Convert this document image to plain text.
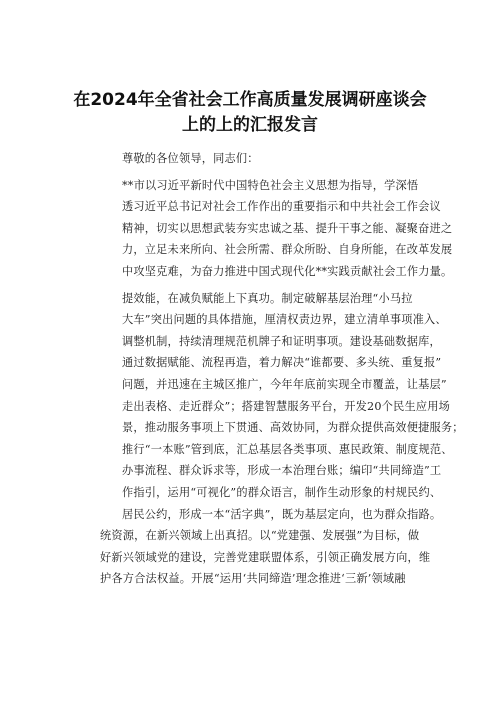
在2024年全省社会工作高质量发展调研座谈会
上的上的汇报发言

尊敬的各位领导，同志们：

**市以习近平新时代中国特色社会主义思想为指导，学深悟
透习近平总书记对社会工作作出的重要指示和中共社会工作会议
精神，切实以思想武装夯实忠诚之基、提升干事之能、凝聚奋进之
力，立足未来所向、社会所需、群众所盼、自身所能，在改革发展
中攻坚克难，为奋力推进中国式现代化**实践贡献社会工作力量。

提效能，在减负赋能上下真功。制定破解基层治理“小马拉
大车”突出问题的具体措施，厘清权责边界，建立清单事项准入、
调整机制，持续清理规范机牌子和证明事项。建设基础数据库，
通过数据赋能、流程再造，着力解决“谁都要、多头统、重复报”
问题，并迅速在主城区推广，今年年底前实现全市覆盖，让基层”
走出表格、走近群众”；搭建智慧服务平台，开发20个民生应用场
景，推动服务事项上下贯通、高效协同，为群众提供高效便捷服务；
推行“一本账”管到底，汇总基层各类事项、惠民政策、制度规范、
办事流程、群众诉求等，形成一本治理台账；编印“共同缔造”工
作指引，运用“可视化”的群众语言，制作生动形象的村规民约、
居民公约，形成一本“活字典”，既为基层定向，也为群众指路。

统资源，在新兴领域上出真招。以“党建强、发展强”为目标，做
好新兴领域党的建设，完善党建联盟体系，引领正确发展方向，维
护各方合法权益。开展“运用‘共同缔造’理念推进‘三新’领域融
